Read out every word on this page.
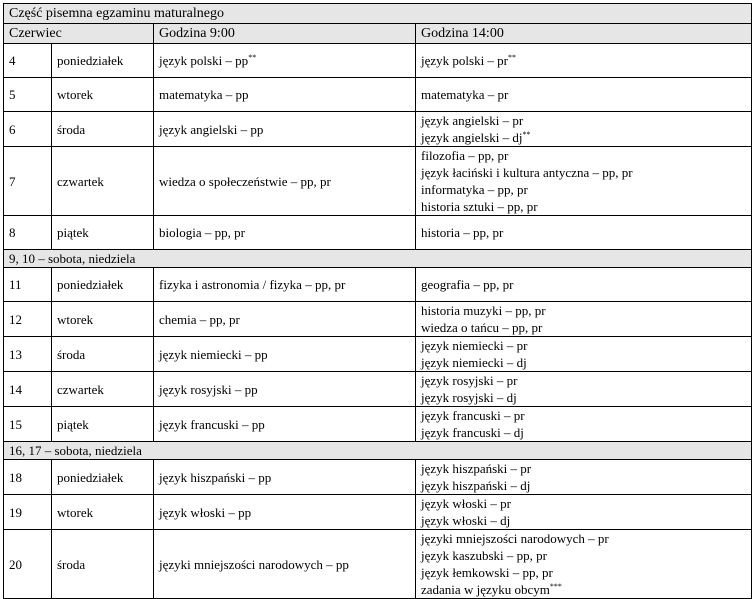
Część pisemna egzaminu maturalnego			
Czerwiec		Godzina 9:00	Godzina 14:00
4	poniedziałek	język polski – pp**	język polski – pr**

5	wtorek	matematyka – pp	matematyka – pr

6	środa	język angielski – pp	język angielski – pr
język angielski – dj**

7	czwartek	wiedza o społeczeństwie – pp, pr	filozofia – pp, pr
język łaciński i kultura antyczna – pp, pr
informatyka – pp, pr
historia sztuki – pp, pr

8	piątek	biologia – pp, pr	historia – pp, pr

9, 10 – sobota, niedziela			
11	poniedziałek	fizyka i astronomia / fizyka – pp, pr	geografia – pp, pr

12	wtorek	chemia – pp, pr	historia muzyki – pp, pr
wiedza o tańcu – pp, pr

13	środa	język niemiecki – pp	język niemiecki – pr
język niemiecki – dj

14	czwartek	język rosyjski – pp	język rosyjski – pr
język rosyjski – dj

15	piątek	język francuski – pp	język francuski – pr
język francuski – dj

16, 17 – sobota, niedziela			
18	poniedziałek	język hiszpański – pp	język hiszpański – pr
język hiszpański – dj

19	wtorek	język włoski – pp	język włoski – pr
język włoski – dj

20	środa	języki mniejszości narodowych – pp	języki mniejszości narodowych – pr
język kaszubski – pp, pr
język łemkowski – pp, pr
zadania w języku obcym***
